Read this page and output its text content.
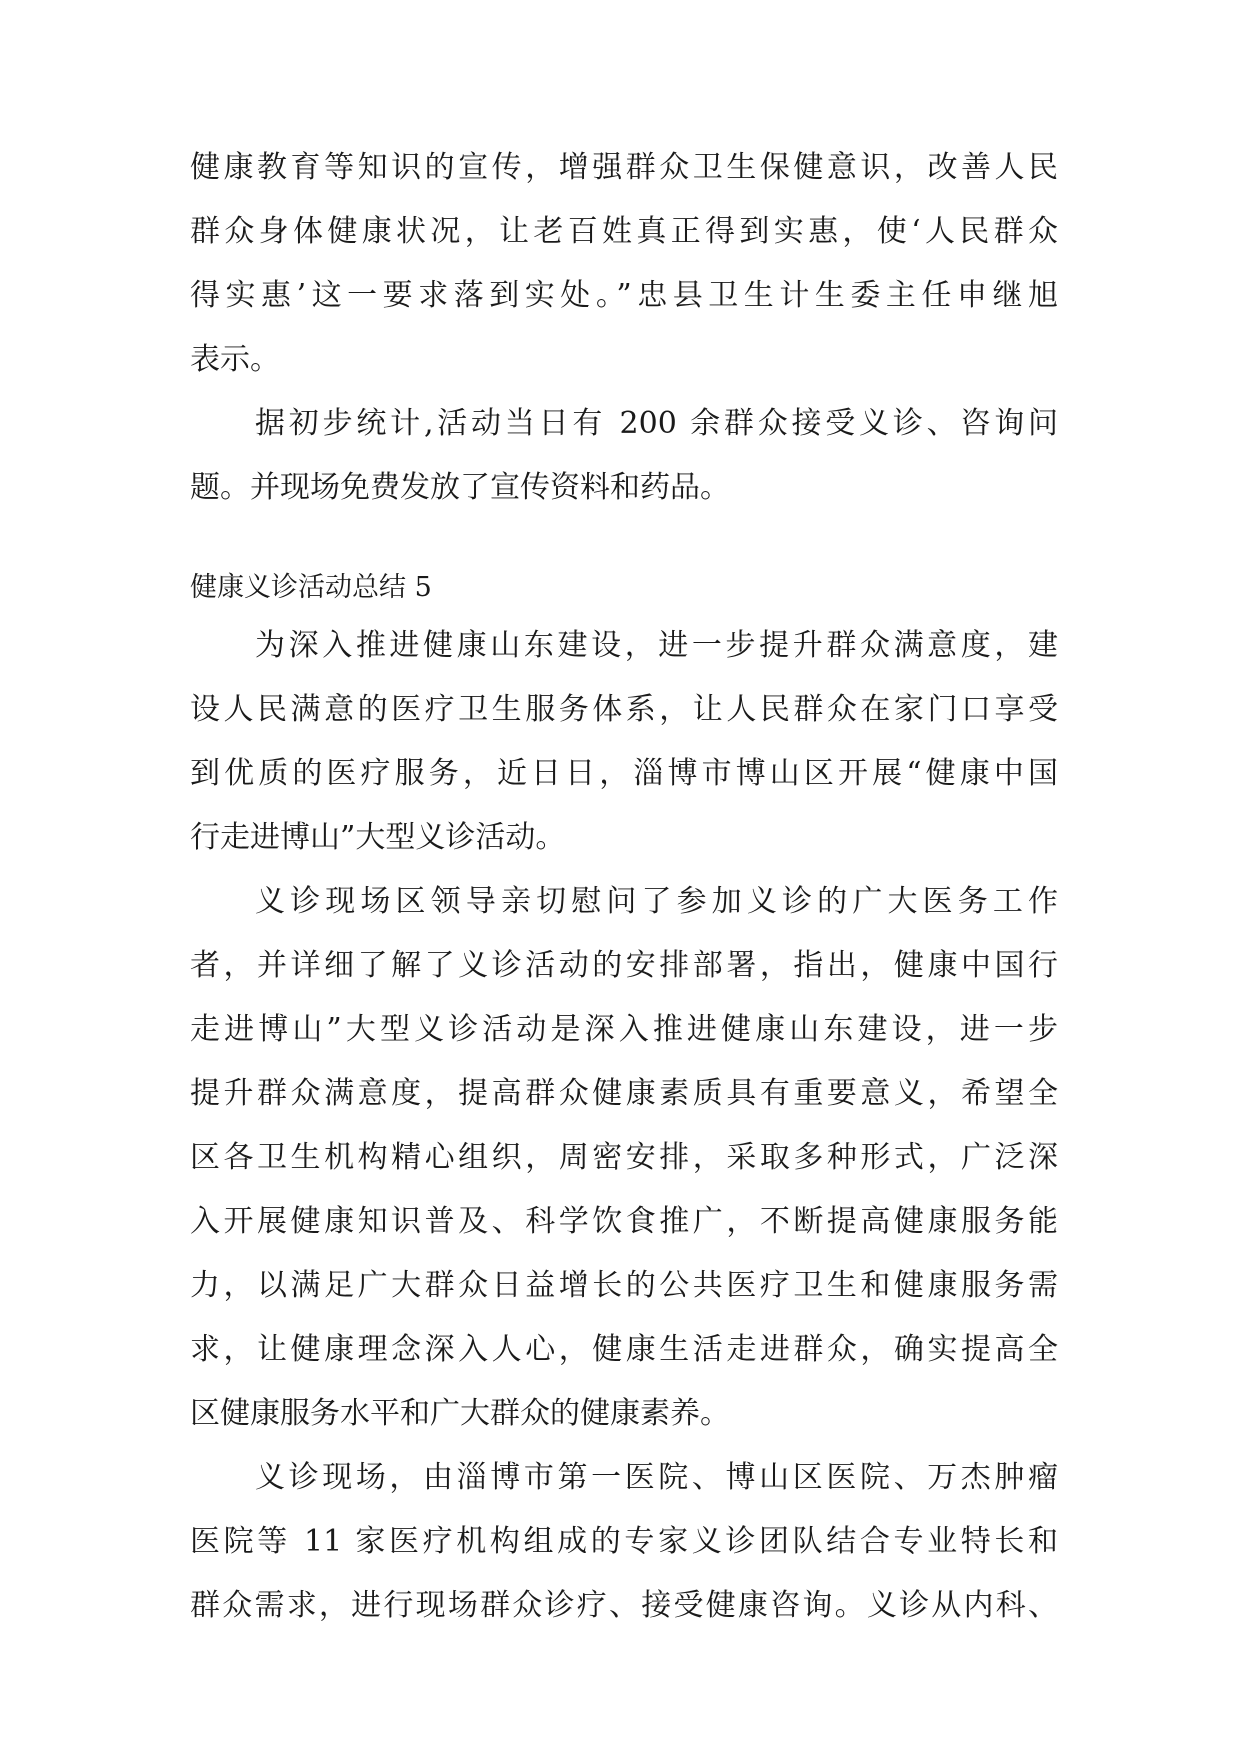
健康教育等知识的宣传，增强群众卫生保健意识，改善人民
群众身体健康状况，让老百姓真正得到实惠，使‘人民群众
得实惠’这一要求落到实处。”忠县卫生计生委主任申继旭
表示。
据初步统计,活动当日有 200 余群众接受义诊、咨询问
题。并现场免费发放了宣传资料和药品。
健康义诊活动总结 5
为深入推进健康山东建设，进一步提升群众满意度，建
设人民满意的医疗卫生服务体系，让人民群众在家门口享受
到优质的医疗服务，近日日，淄博市博山区开展“健康中国
行走进博山”大型义诊活动。
义诊现场区领导亲切慰问了参加义诊的广大医务工作
者，并详细了解了义诊活动的安排部署，指出，健康中国行
走进博山”大型义诊活动是深入推进健康山东建设，进一步
提升群众满意度，提高群众健康素质具有重要意义，希望全
区各卫生机构精心组织，周密安排，采取多种形式，广泛深
入开展健康知识普及、科学饮食推广，不断提高健康服务能
力，以满足广大群众日益增长的公共医疗卫生和健康服务需
求，让健康理念深入人心，健康生活走进群众，确实提高全
区健康服务水平和广大群众的健康素养。
义诊现场，由淄博市第一医院、博山区医院、万杰肿瘤
医院等 11 家医疗机构组成的专家义诊团队结合专业特长和
群众需求，进行现场群众诊疗、接受健康咨询。义诊从内科、
